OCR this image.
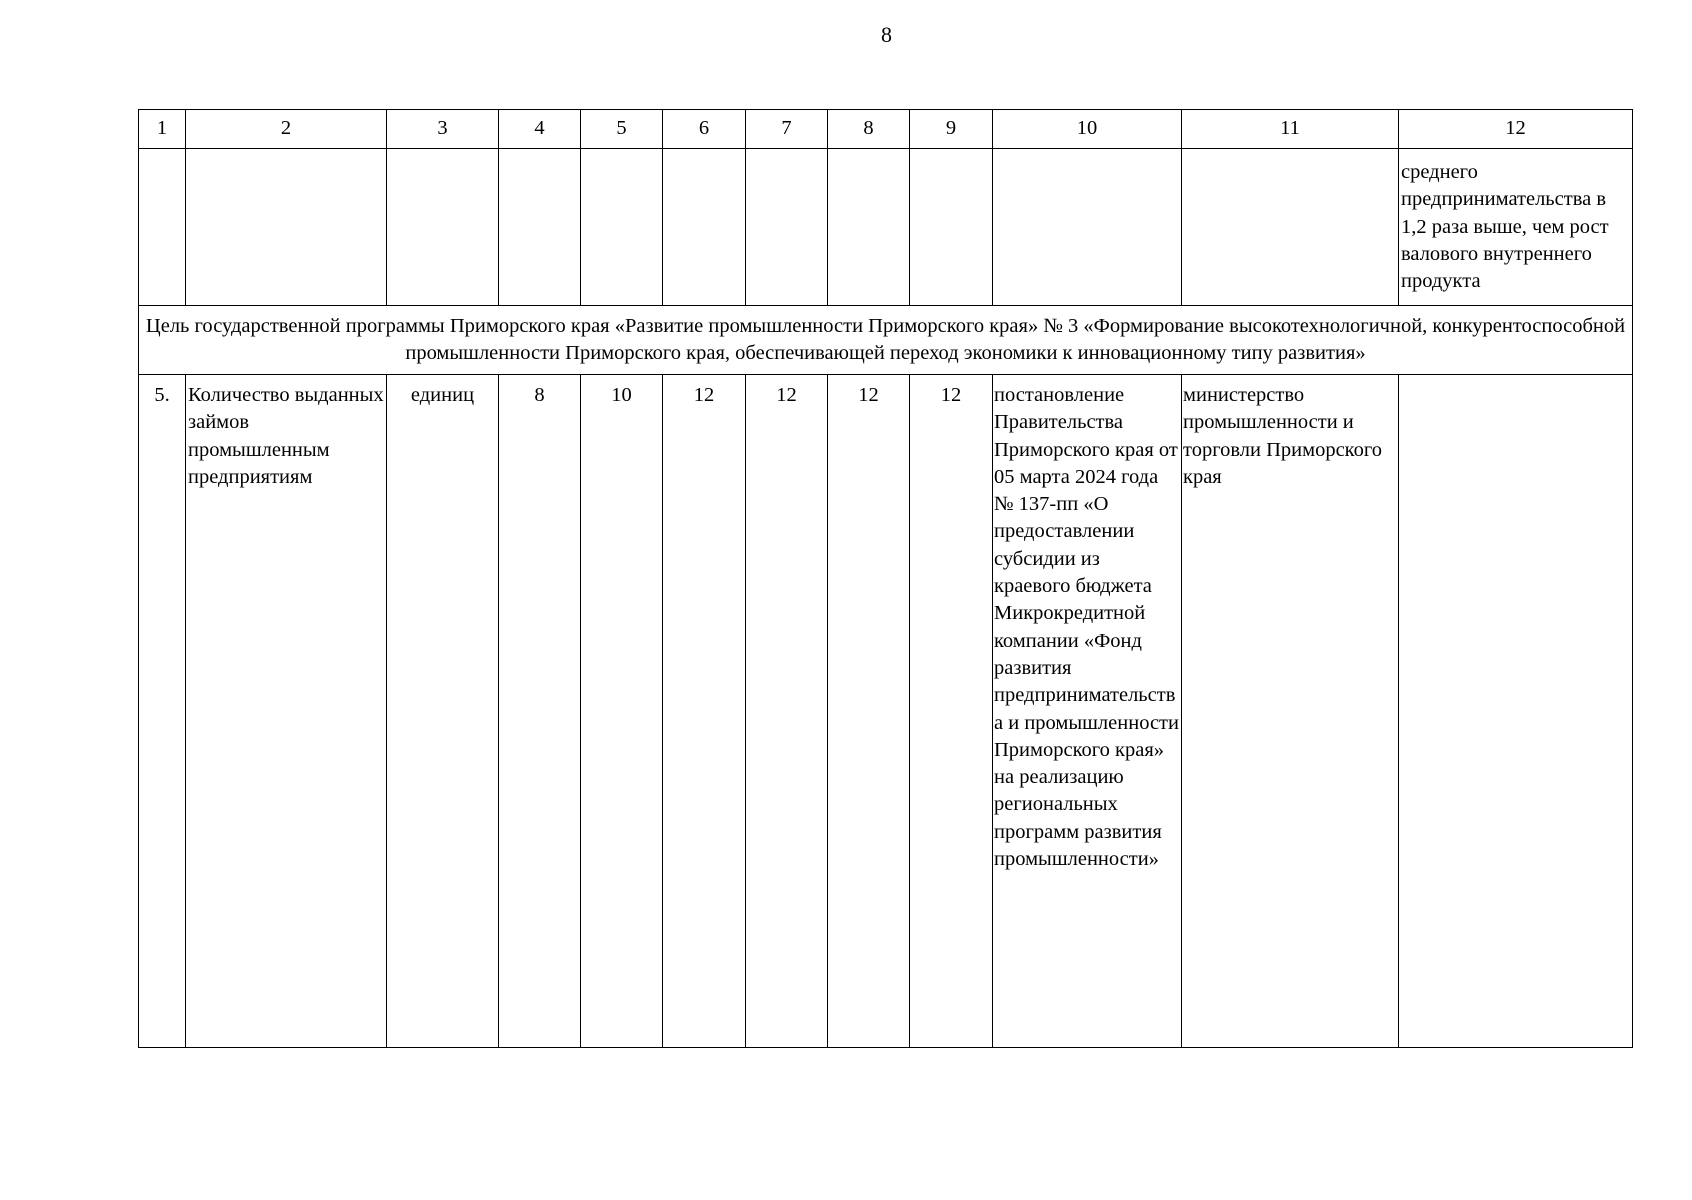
8
1	2	3	4	5	6	7	8	9	10	11	12
											среднего предпринимательства в 1,2 раза выше, чем рост валового внутреннего продукта
Цель государственной программы Приморского края «Развитие промышленности Приморского края» № 3 «Формирование высокотехнологичной, конкурентоспособной промышленности Приморского края, обеспечивающей переход экономики к инновационному типу развития»											
5.	Количество выданных займов промышленным предприятиям	единиц	8	10	12	12	12	12	постановление Правительства Приморского края от 05 марта 2024 года № 137-пп «О предоставлении субсидии из краевого бюджета Микрокредитной компании «Фонд развития предпринимательства и промышленности Приморского края» на реализацию региональных программ развития промышленности»	министерство промышленности и торговли Приморского края	
